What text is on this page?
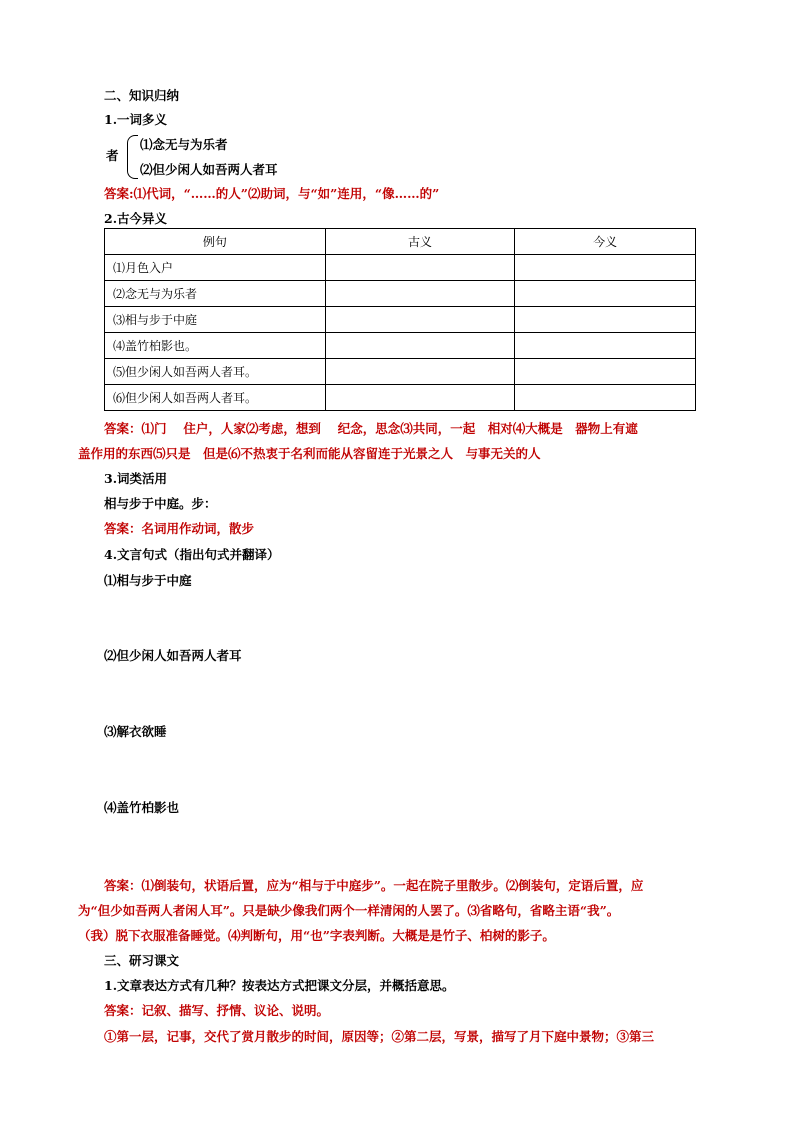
二、知识归纳
1.一词多义
者
⑴念无与为乐者
⑵但少闲人如吾两人者耳
答案:⑴代词，“……的人”⑵助词，与“如”连用，“像……的”
2.古今异义
例句	古义	今义
⑴月色入户		
⑵念无与为乐者		
⑶相与步于中庭		
⑷盖竹柏影也。		
⑸但少闲人如吾两人者耳。		
⑹但少闲人如吾两人者耳。		
答案：⑴门　 住户，人家⑵考虑，想到　 纪念，思念⑶共同，一起　相对⑷大概是　器物上有遮
盖作用的东西⑸只是　但是⑹不热衷于名利而能从容留连于光景之人　与事无关的人
3.词类活用
相与步于中庭。步：
答案：名词用作动词，散步
4.文言句式（指出句式并翻译）
⑴相与步于中庭
⑵但少闲人如吾两人者耳
⑶解衣欲睡
⑷盖竹柏影也
答案：⑴倒装句，状语后置，应为“相与于中庭步”。一起在院子里散步。⑵倒装句，定语后置，应
为“但少如吾两人者闲人耳”。只是缺少像我们两个一样清闲的人罢了。⑶省略句，省略主语“我”。
（我）脱下衣服准备睡觉。⑷判断句，用“也”字表判断。大概是是竹子、柏树的影子。
三、研习课文
1.文章表达方式有几种？按表达方式把课文分层，并概括意思。
答案：记叙、描写、抒情、议论、说明。
①第一层，记事，交代了赏月散步的时间，原因等；②第二层，写景，描写了月下庭中景物；③第三
